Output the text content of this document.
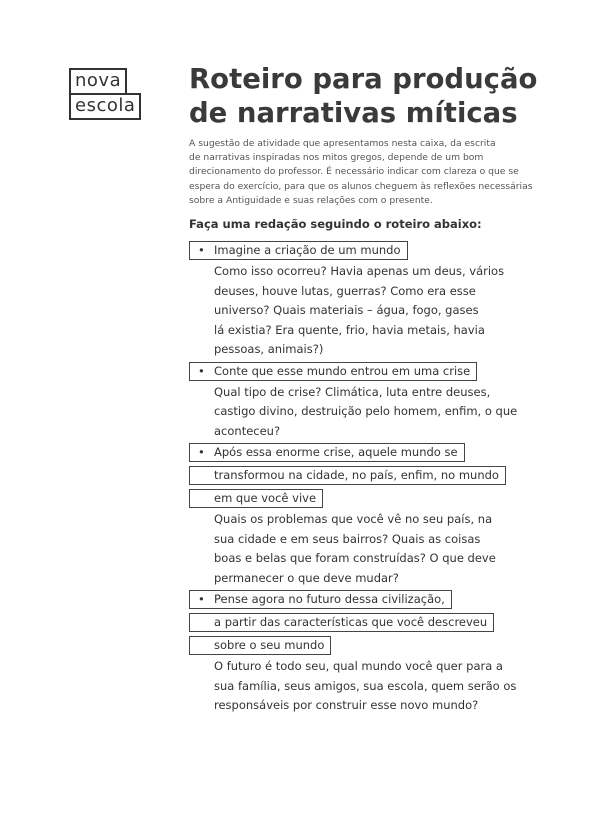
nova
escola
Roteiro para produção
de narrativas míticas

A sugestão de atividade que apresentamos nesta caixa, da escrita
de narrativas inspiradas nos mitos gregos, depende de um bom
direcionamento do professor. É necessário indicar com clareza o que se
espera do exercício, para que os alunos cheguem às reflexões necessárias
sobre a Antiguidade e suas relações com o presente.

Faça uma redação seguindo o roteiro abaixo:

• Imagine a criação de um mundo

Como isso ocorreu? Havia apenas um deus, vários
deuses, houve lutas, guerras? Como era esse
universo? Quais materiais – água, fogo, gases
lá existia? Era quente, frio, havia metais, havia
pessoas, animais?)

• Conte que esse mundo entrou em uma crise

Qual tipo de crise? Climática, luta entre deuses,
castigo divino, destruição pelo homem, enfim, o que
aconteceu?

• Após essa enorme crise, aquele mundo se
transformou na cidade, no país, enfim, no mundo
em que você vive

Quais os problemas que você vê no seu país, na
sua cidade e em seus bairros? Quais as coisas
boas e belas que foram construídas? O que deve
permanecer o que deve mudar?

• Pense agora no futuro dessa civilização,
a partir das características que você descreveu
sobre o seu mundo

O futuro é todo seu, qual mundo você quer para a
sua família, seus amigos, sua escola, quem serão os
responsáveis por construir esse novo mundo?
